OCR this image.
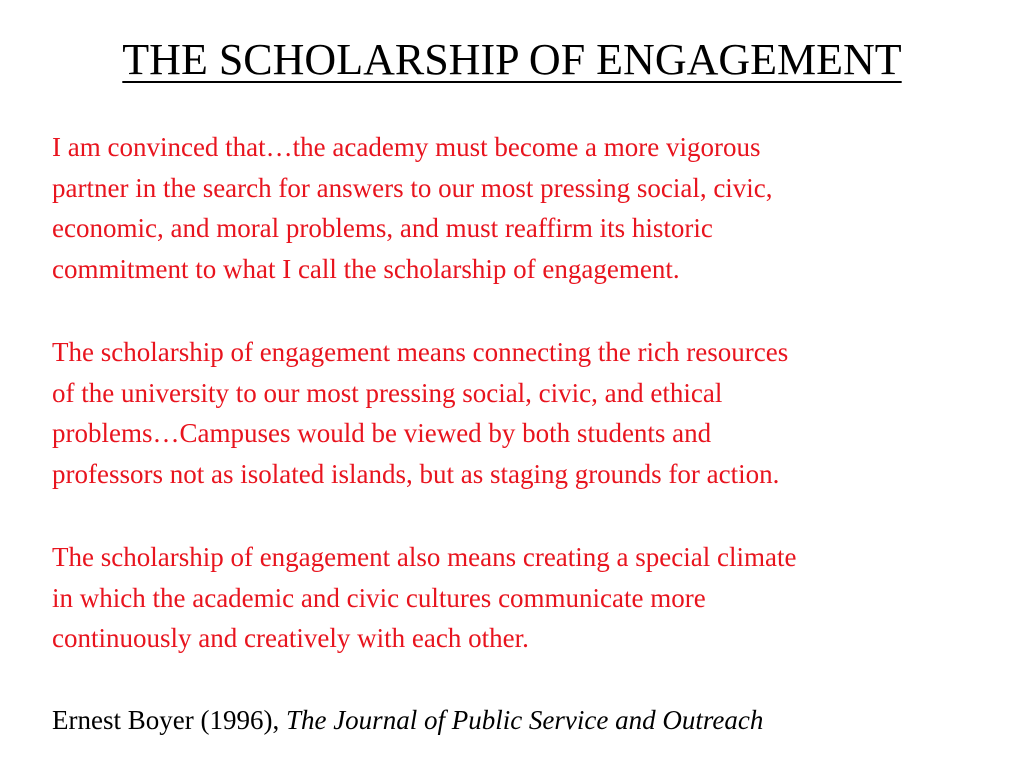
THE SCHOLARSHIP OF ENGAGEMENT

I am convinced that…the academy must become a more vigorous
partner in the search for answers to our most pressing social, civic,
economic, and moral problems, and must reaffirm its historic
commitment to what I call the scholarship of engagement.

The scholarship of engagement means connecting the rich resources
of the university to our most pressing social, civic, and ethical
problems…Campuses would be viewed by both students and
professors not as isolated islands, but as staging grounds for action.

The scholarship of engagement also means creating a special climate
in which the academic and civic cultures communicate more
continuously and creatively with each other.

Ernest Boyer (1996), The Journal of Public Service and Outreach
